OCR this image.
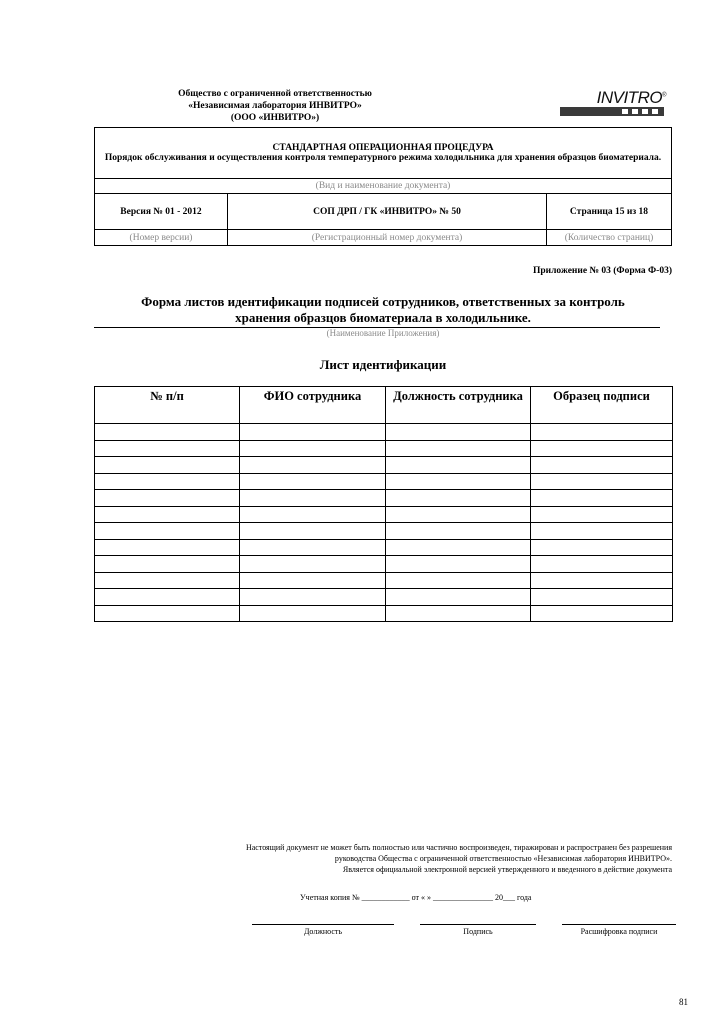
Общество с ограниченной ответственностью
«Независимая лаборатория ИНВИТРО»
(ООО «ИНВИТРО»)
INVITRO®
СТАНДАРТНАЯ ОПЕРАЦИОННАЯ ПРОЦЕДУРА
Порядок обслуживания и осуществления контроля температурного режима холодильника для хранения образцов биоматериала.		

(Вид и наименование документа)		
Версия № 01 - 2012	СОП ДРП / ГК «ИНВИТРО» № 50	Страница 15 из 18
(Номер версии)	(Регистрационный номер документа)	(Количество страниц)
Приложение № 03 (Форма Ф-03)
Форма листов идентификации подписей сотрудников, ответственных за контроль
хранения образцов биоматериала в холодильнике.
(Наименование Приложения)
Лист идентификации
№ п/п	ФИО сотрудника	Должность сотрудника	Образец подписи

Настоящий документ не может быть полностью или частично воспроизведен, тиражирован и распространен без разрешения
руководства Общества с ограниченной ответственностью «Независимая лаборатория ИНВИТРО».
Является официальной электронной версией утвержденного и введенного в действие документа
Учетная копия № ____________ от « » _______________ 20___ года
Должность	Подпись	Расшифровка подписи
81
